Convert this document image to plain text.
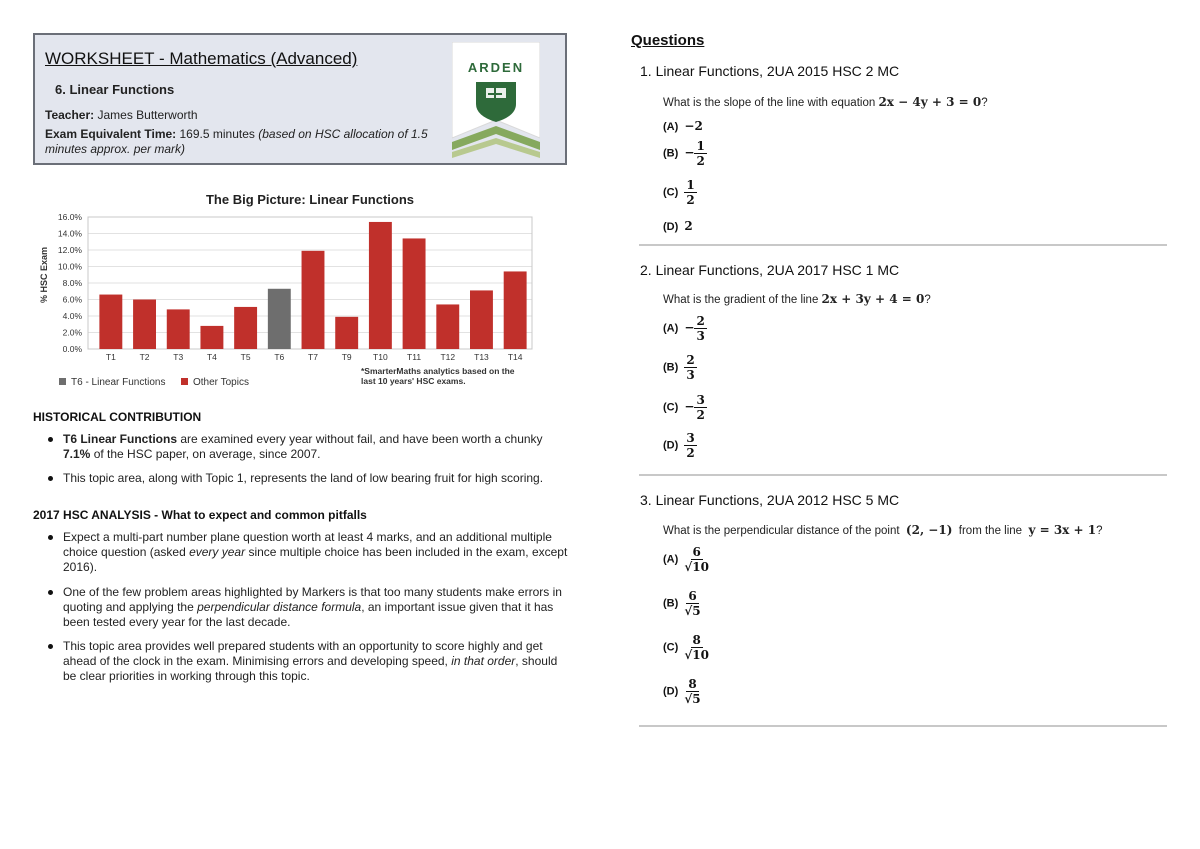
WORKSHEET - Mathematics (Advanced)
6. Linear Functions
Teacher: James Butterworth
Exam Equivalent Time: 169.5 minutes (based on HSC allocation of 1.5 minutes approx. per mark)
ARDEN
The Big Picture: Linear Functions
% HSC Exam
T1	T2	T3	T4	T5	T6	T7	T9	T10 T11 T12 T13 T14
0.0%
2.0%
4.0%
6.0%
8.0%
10.0%
12.0%
14.0%
16.0%
T6 - Linear Functions	Other Topics
*SmarterMaths analytics based on the last 10 years' HSC exams.
HISTORICAL CONTRIBUTION
T6 Linear Functions are examined every year without fail, and have been worth a chunky 7.1% of the HSC paper, on average, since 2007.
This topic area, along with Topic 1, represents the land of low bearing fruit for high scoring.
2017 HSC ANALYSIS - What to expect and common pitfalls
Expect a multi-part number plane question worth at least 4 marks, and an additional multiple choice question (asked every year since multiple choice has been included in the exam, except 2016).
One of the few problem areas highlighted by Markers is that too many students make errors in quoting and applying the perpendicular distance formula, an important issue given that it has been tested every year for the last decade.
This topic area provides well prepared students with an opportunity to score highly and get ahead of the clock in the exam. Minimising errors and developing speed, in that order, should be clear priorities in working through this topic.
Questions
1. Linear Functions, 2UA 2015 HSC 2 MC
What is the slope of the line with equation 2x − 4y + 3 = 0?
(A) −2
$(B) - \frac{1}{2}$
$(C) \frac{1}{2}$
(D) 2
2. Linear Functions, 2UA 2017 HSC 1 MC
What is the gradient of the line 2x + 3y + 4 = 0?
$(A) - \frac{2}{3}$
$(B) \frac{2}{3}$
$(C) - \frac{3}{2}$
$(D) \frac{3}{2}$
3. Linear Functions, 2UA 2012 HSC 5 MC
What is the perpendicular distance of the point (2, −1) from the line y = 3x + 1?
$(A) \frac{6}{√10}$
$(B) \frac{6}{√5}$
$(C) \frac{8}{√10}$
$(D) \frac{8}{√5}$
